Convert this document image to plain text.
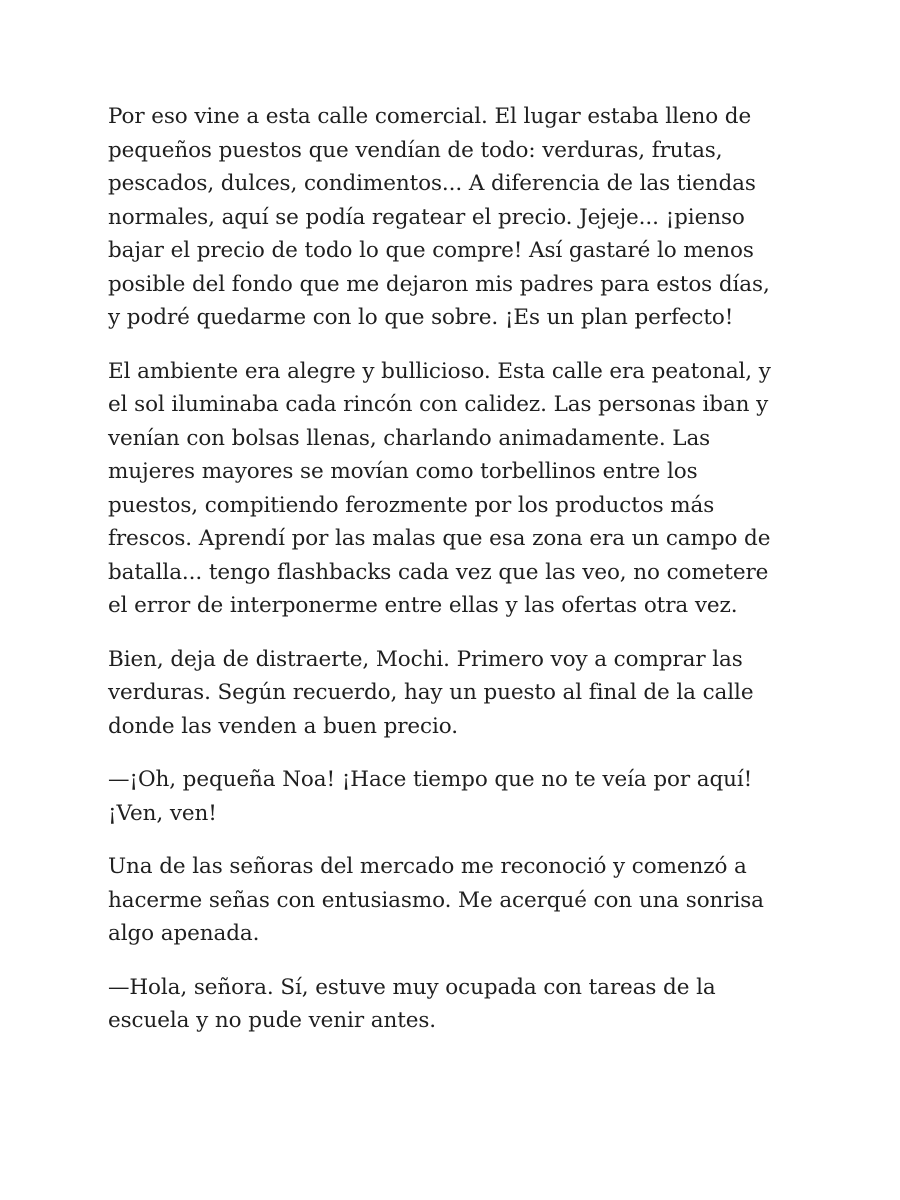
Por eso vine a esta calle comercial. El lugar estaba lleno de
pequeños puestos que vendían de todo: verduras, frutas,
pescados, dulces, condimentos... A diferencia de las tiendas
normales, aquí se podía regatear el precio. Jejeje... ¡pienso
bajar el precio de todo lo que compre! Así gastaré lo menos
posible del fondo que me dejaron mis padres para estos días,
y podré quedarme con lo que sobre. ¡Es un plan perfecto!

El ambiente era alegre y bullicioso. Esta calle era peatonal, y
el sol iluminaba cada rincón con calidez. Las personas iban y
venían con bolsas llenas, charlando animadamente. Las
mujeres mayores se movían como torbellinos entre los
puestos, compitiendo ferozmente por los productos más
frescos. Aprendí por las malas que esa zona era un campo de
batalla... tengo flashbacks cada vez que las veo, no cometere
el error de interponerme entre ellas y las ofertas otra vez.

Bien, deja de distraerte, Mochi. Primero voy a comprar las
verduras. Según recuerdo, hay un puesto al final de la calle
donde las venden a buen precio.

—¡Oh, pequeña Noa! ¡Hace tiempo que no te veía por aquí!
¡Ven, ven!

Una de las señoras del mercado me reconoció y comenzó a
hacerme señas con entusiasmo. Me acerqué con una sonrisa
algo apenada.

—Hola, señora. Sí, estuve muy ocupada con tareas de la
escuela y no pude venir antes.
